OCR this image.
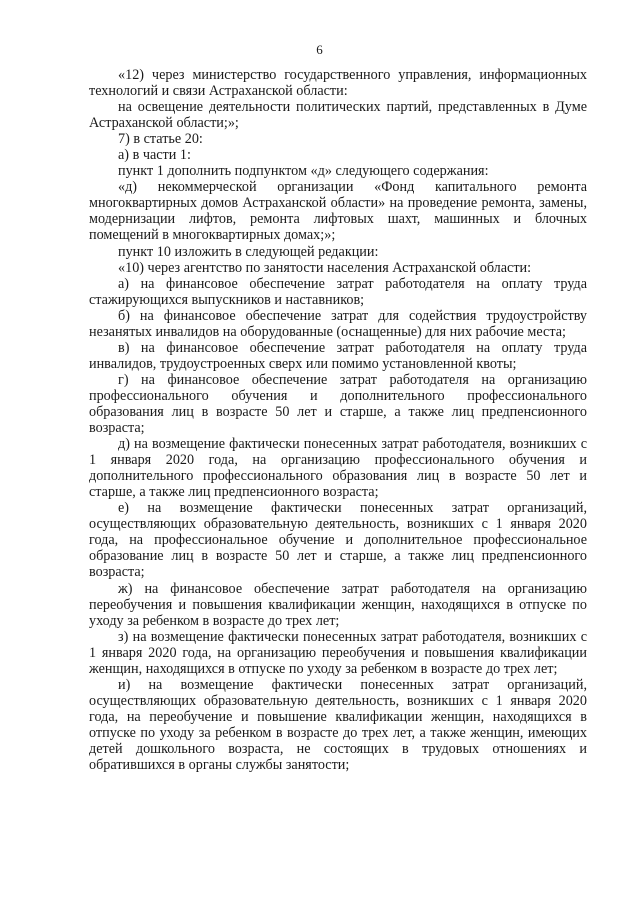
6

«12) через министерство государственного управления, информационных технологий и связи Астраханской области:

на освещение деятельности политических партий, представленных в Думе Астраханской области;»;

7) в статье 20:

а) в части 1:

пункт 1 дополнить подпунктом «д» следующего содержания:

«д) некоммерческой организации «Фонд капитального ремонта многоквартирных домов Астраханской области» на проведение ремонта, замены, модернизации лифтов, ремонта лифтовых шахт, машинных и блочных помещений в многоквартирных домах;»;

пункт 10 изложить в следующей редакции:

«10) через агентство по занятости населения Астраханской области:

а) на финансовое обеспечение затрат работодателя на оплату труда стажирующихся выпускников и наставников;

б) на финансовое обеспечение затрат для содействия трудоустройству незанятых инвалидов на оборудованные (оснащенные) для них рабочие места;

в) на финансовое обеспечение затрат работодателя на оплату труда инвалидов, трудоустроенных сверх или помимо установленной квоты;

г) на финансовое обеспечение затрат работодателя на организацию профессионального обучения и дополнительного профессионального образования лиц в возрасте 50 лет и старше, а также лиц предпенсионного возраста;

д) на возмещение фактически понесенных затрат работодателя, возникших с 1 января 2020 года, на организацию профессионального обучения и дополнительного профессионального образования лиц в возрасте 50 лет и старше, а также лиц предпенсионного возраста;

е) на возмещение фактически понесенных затрат организаций, осуществляющих образовательную деятельность, возникших с 1 января 2020 года, на профессиональное обучение и дополнительное профессиональное образование лиц в возрасте 50 лет и старше, а также лиц предпенсионного возраста;

ж) на финансовое обеспечение затрат работодателя на организацию переобучения и повышения квалификации женщин, находящихся в отпуске по уходу за ребенком в возрасте до трех лет;

з) на возмещение фактически понесенных затрат работодателя, возникших с 1 января 2020 года, на организацию переобучения и повышения квалификации женщин, находящихся в отпуске по уходу за ребенком в возрасте до трех лет;

и) на возмещение фактически понесенных затрат организаций, осуществляющих образовательную деятельность, возникших с 1 января 2020 года, на переобучение и повышение квалификации женщин, находящихся в отпуске по уходу за ребенком в возрасте до трех лет, а также женщин, имеющих детей дошкольного возраста, не состоящих в трудовых отношениях и обратившихся в органы службы занятости;
